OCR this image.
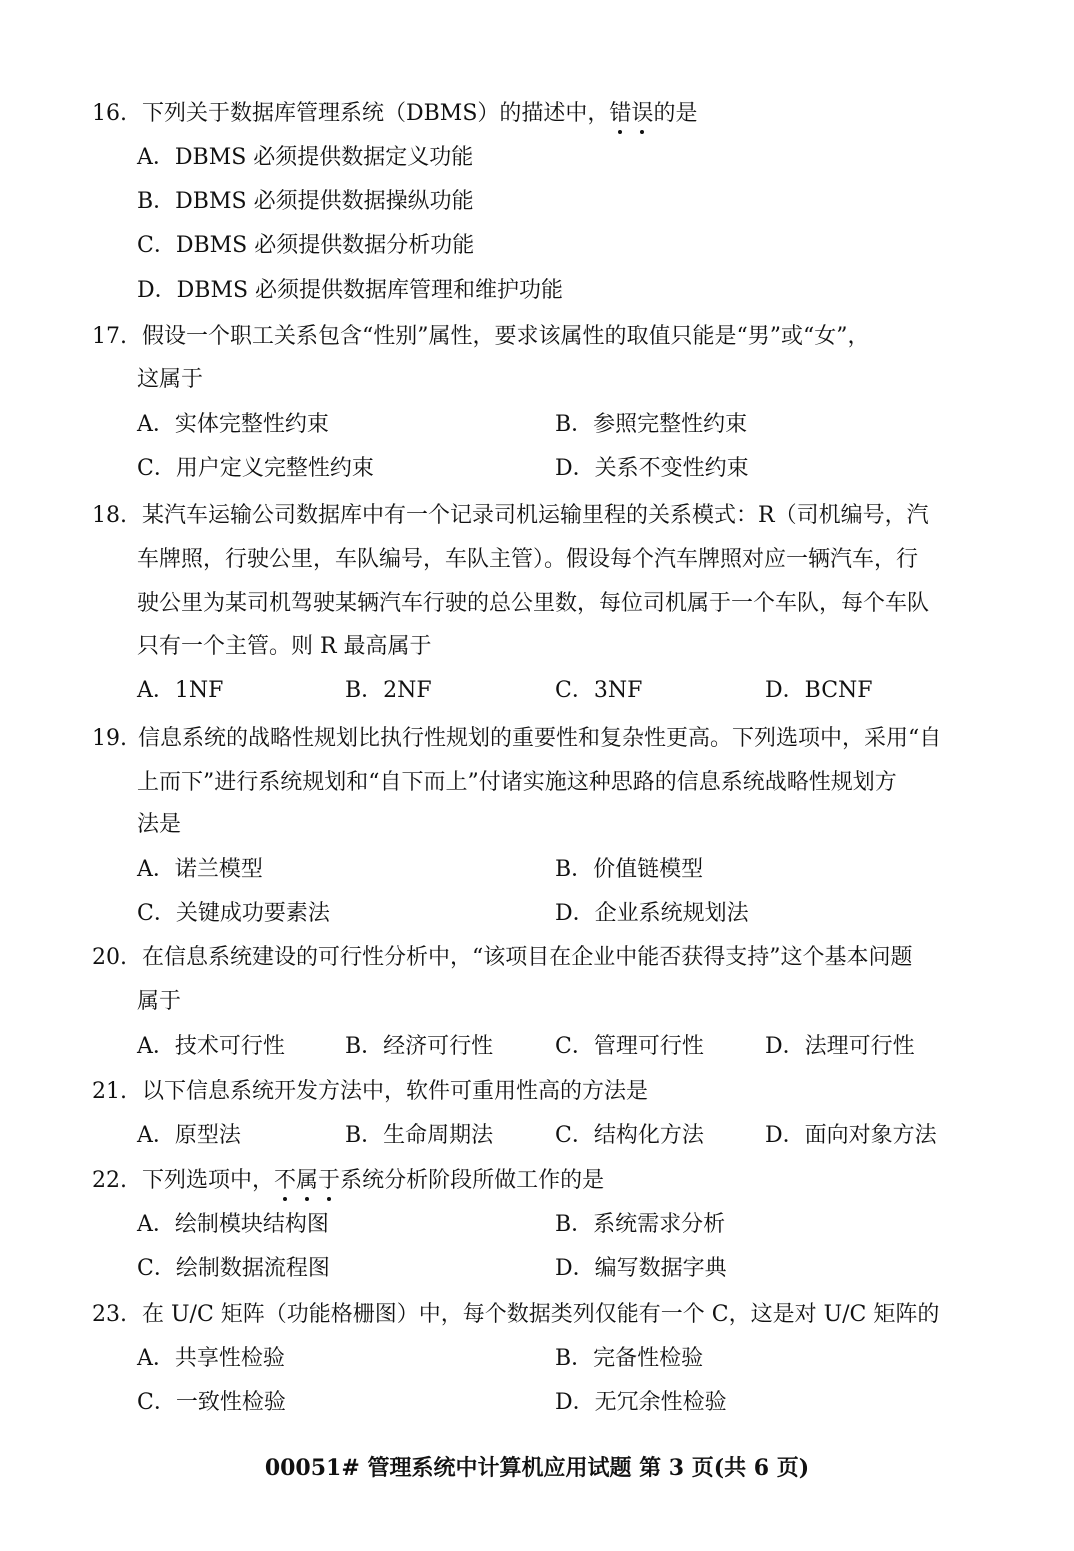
16. 下列关于数据库管理系统（DBMS）的描述中，错误的是
A．DBMS 必须提供数据定义功能
B．DBMS 必须提供数据操纵功能
C．DBMS 必须提供数据分析功能
D．DBMS 必须提供数据库管理和维护功能
17. 假设一个职工关系包含“性别”属性，要求该属性的取值只能是“男”或“女”，
这属于
A．实体完整性约束	B．参照完整性约束
C．用户定义完整性约束	D．关系不变性约束
18. 某汽车运输公司数据库中有一个记录司机运输里程的关系模式：R（司机编号，汽
车牌照，行驶公里，车队编号，车队主管）。假设每个汽车牌照对应一辆汽车，行
驶公里为某司机驾驶某辆汽车行驶的总公里数，每位司机属于一个车队，每个车队
只有一个主管。则 R 最高属于
A．1NF	B．2NF	C．3NF	D．BCNF
19. 信息系统的战略性规划比执行性规划的重要性和复杂性更高。下列选项中，采用“自
上而下”进行系统规划和“自下而上”付诸实施这种思路的信息系统战略性规划方
法是
A．诺兰模型	B．价值链模型
C．关键成功要素法	D．企业系统规划法
20. 在信息系统建设的可行性分析中，“该项目在企业中能否获得支持”这个基本问题
属于
A．技术可行性	B．经济可行性	C．管理可行性	D．法理可行性
21. 以下信息系统开发方法中，软件可重用性高的方法是
A．原型法	B．生命周期法	C．结构化方法	D．面向对象方法
22. 下列选项中，不属于系统分析阶段所做工作的是
A．绘制模块结构图	B．系统需求分析
C．绘制数据流程图	D．编写数据字典
23. 在 U/C 矩阵（功能格栅图）中，每个数据类列仅能有一个 C，这是对 U/C 矩阵的
A．共享性检验	B．完备性检验
C．一致性检验	D．无冗余性检验
00051# 管理系统中计算机应用试题 第 3 页(共 6 页)
